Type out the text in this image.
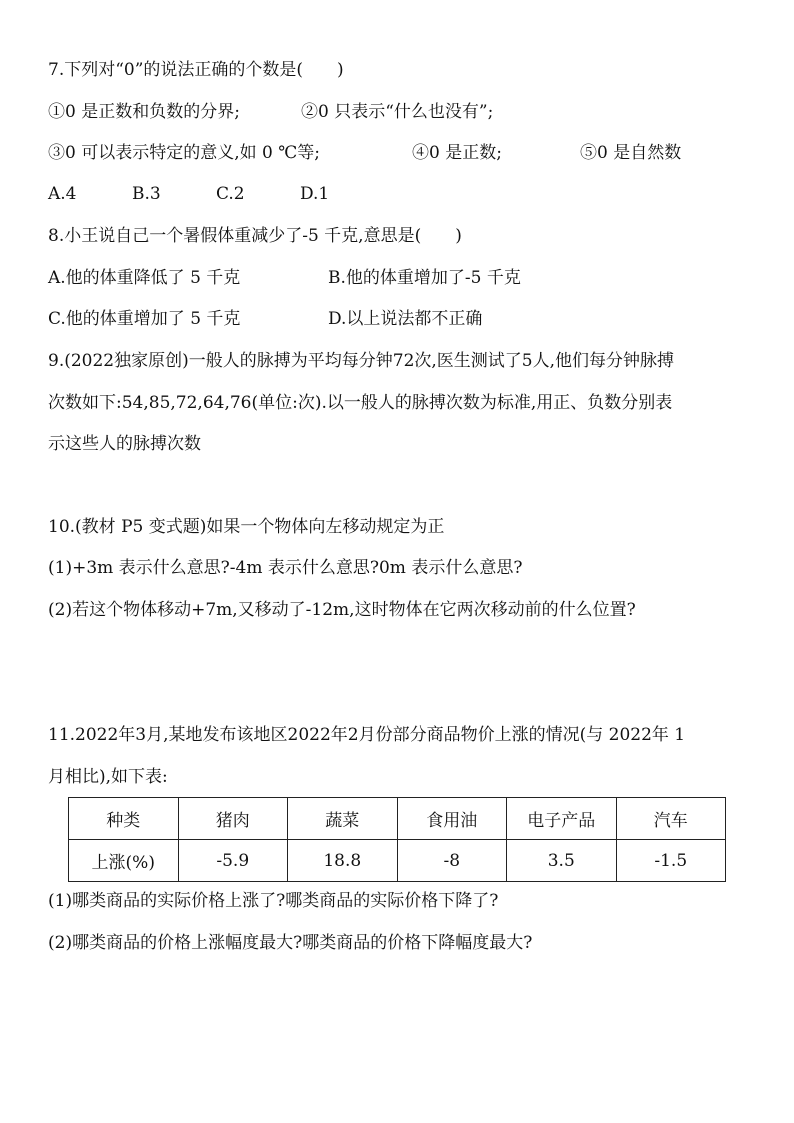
7.下列对“0”的说法正确的个数是(　　)
①0 是正数和负数的分界;	②0 只表示“什么也没有”;
③0 可以表示特定的意义,如 0 ℃等;	④0 是正数;	⑤0 是自然数
A.4	B.3	C.2	D.1
8.小王说自己一个暑假体重减少了-5 千克,意思是(　　)
A.他的体重降低了 5 千克	B.他的体重增加了-5 千克
C.他的体重增加了 5 千克	D.以上说法都不正确
9.(2022独家原创)一般人的脉搏为平均每分钟72次,医生测试了5人,他们每分钟脉搏
次数如下:54,85,72,64,76(单位:次).以一般人的脉搏次数为标准,用正、负数分别表
示这些人的脉搏次数
10.(教材 P5 变式题)如果一个物体向左移动规定为正
(1)+3m 表示什么意思?-4m 表示什么意思?0m 表示什么意思?
(2)若这个物体移动+7m,又移动了-12m,这时物体在它两次移动前的什么位置?
11.2022年3月,某地发布该地区2022年2月份部分商品物价上涨的情况(与 2022年 1
月相比),如下表:
种类	猪肉	蔬菜	食用油	电子产品	汽车
上涨(%)	-5.9	18.8	-8	3.5	-1.5
(1)哪类商品的实际价格上涨了?哪类商品的实际价格下降了?
(2)哪类商品的价格上涨幅度最大?哪类商品的价格下降幅度最大?
